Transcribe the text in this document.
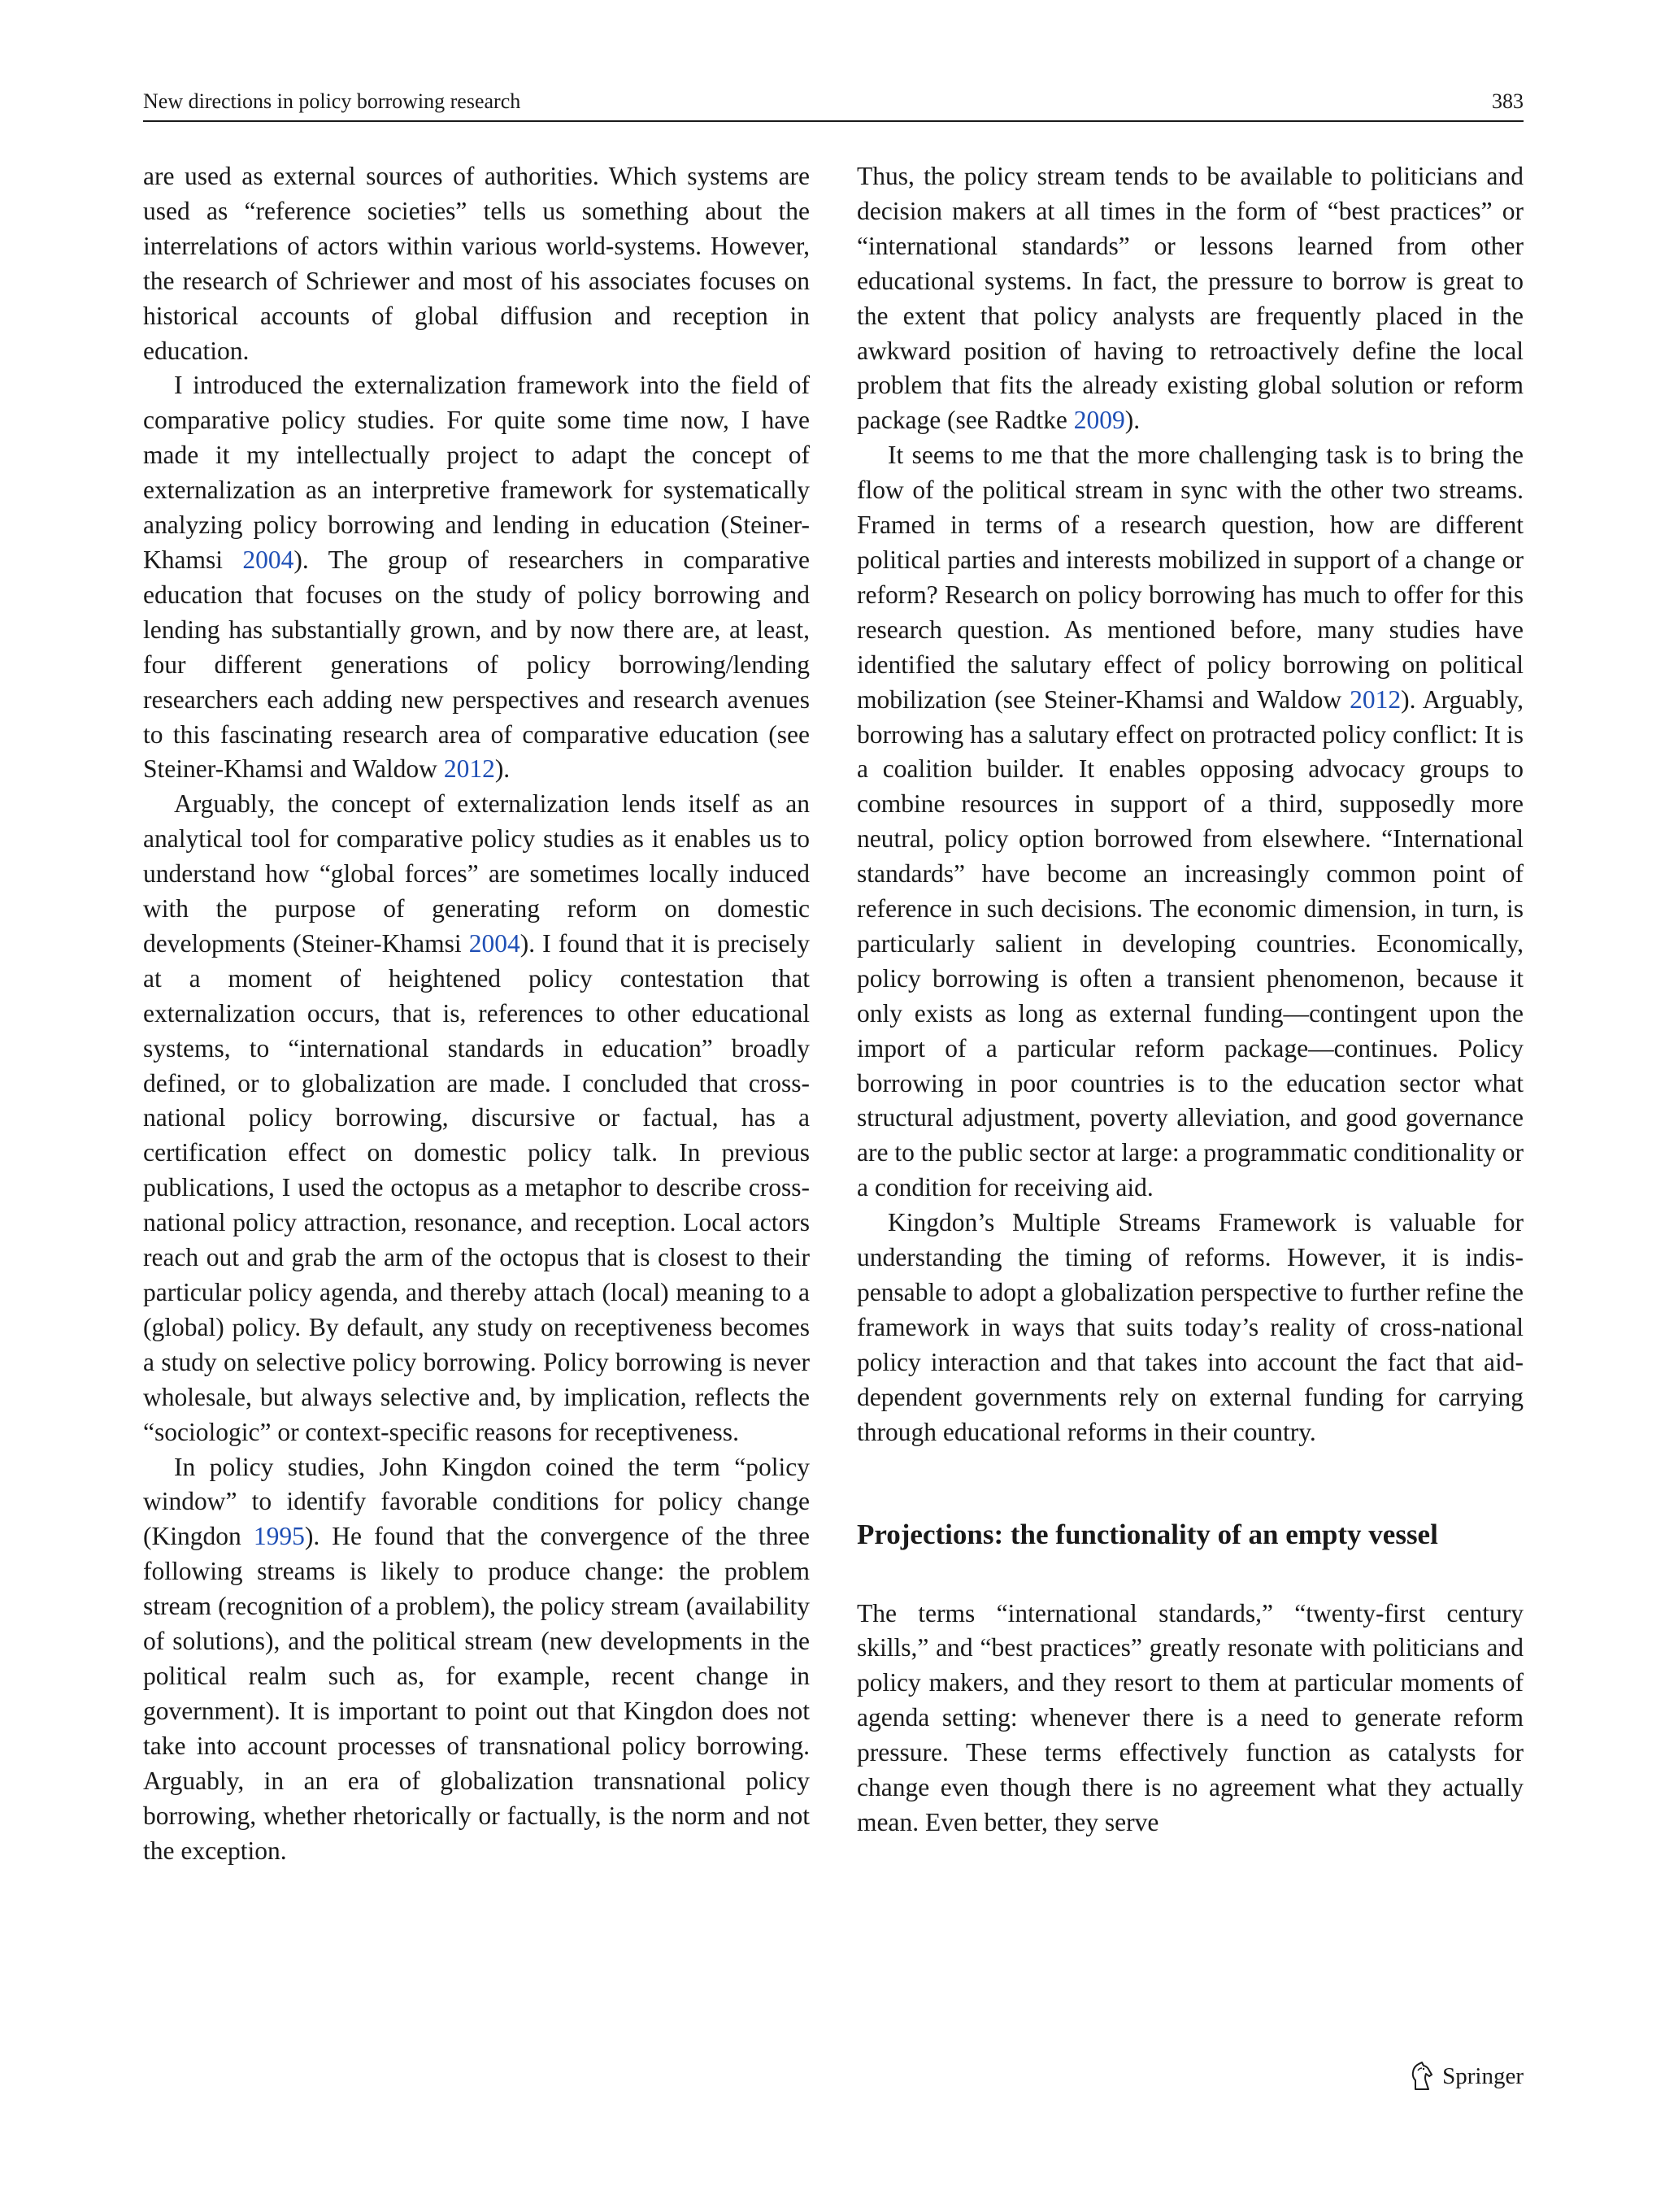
New directions in policy borrowing research	383

are used as external sources of authorities. Which systems are used as “reference societies” tells us something about the interrelations of actors within various world-systems. However, the research of Schriewer and most of his associates focuses on historical accounts of global diffusion and reception in education.

I introduced the externalization framework into the field of comparative policy studies. For quite some time now, I have made it my intellectually project to adapt the concept of externalization as an interpretive framework for systematically analyzing policy borrowing and lending in education (Steiner-Khamsi 2004). The group of researchers in comparative education that focuses on the study of policy borrowing and lending has substantially grown, and by now there are, at least, four different generations of policy borrowing/lending researchers each adding new perspectives and research avenues to this fascinating research area of comparative education (see Steiner-Khamsi and Waldow 2012).

Arguably, the concept of externalization lends itself as an analytical tool for comparative policy studies as it enables us to understand how “global forces” are sometimes locally induced with the purpose of generating reform on domestic developments (Steiner-Khamsi 2004). I found that it is precisely at a moment of heightened policy contestation that externalization occurs, that is, references to other educational systems, to “international standards in education” broadly defined, or to globalization are made. I concluded that cross-national policy borrowing, discursive or factual, has a certification effect on domestic policy talk. In previous publications, I used the octopus as a metaphor to describe cross-national policy attraction, resonance, and reception. Local actors reach out and grab the arm of the octopus that is closest to their particular policy agenda, and thereby attach (local) meaning to a (global) policy. By default, any study on receptiveness becomes a study on selective policy borrowing. Policy borrowing is never wholesale, but always selective and, by implication, reflects the “sociologic” or context-specific reasons for receptiveness.

In policy studies, John Kingdon coined the term “policy window” to identify favorable conditions for policy change (Kingdon 1995). He found that the convergence of the three following streams is likely to produce change: the problem stream (recognition of a problem), the policy stream (availability of solutions), and the political stream (new developments in the political realm such as, for example, recent change in government). It is important to point out that Kingdon does not take into account processes of transnational policy borrowing. Arguably, in an era of globalization transnational policy borrowing, whether rhetorically or factually, is the norm and not the exception.

Thus, the policy stream tends to be available to politicians and decision makers at all times in the form of “best practices” or “international standards” or lessons learned from other educational systems. In fact, the pressure to borrow is great to the extent that policy analysts are frequently placed in the awkward position of having to retroactively define the local problem that fits the already existing global solution or reform package (see Radtke 2009).

It seems to me that the more challenging task is to bring the flow of the political stream in sync with the other two streams. Framed in terms of a research question, how are different political parties and interests mobilized in support of a change or reform? Research on policy borrowing has much to offer for this research question. As mentioned before, many studies have identified the salutary effect of policy borrowing on political mobilization (see Steiner-Khamsi and Waldow 2012). Arguably, borrowing has a salutary effect on protracted policy conflict: It is a coalition builder. It enables opposing advocacy groups to combine resources in support of a third, supposedly more neutral, policy option borrowed from elsewhere. “International standards” have become an increasingly common point of reference in such decisions. The economic dimension, in turn, is particularly salient in developing countries. Economically, policy borrowing is often a transient phenomenon, because it only exists as long as external funding—contingent upon the import of a particular reform package—continues. Policy borrowing in poor countries is to the education sector what structural adjustment, poverty alleviation, and good governance are to the public sector at large: a programmatic conditionality or a condition for receiving aid.

Kingdon’s Multiple Streams Framework is valuable for understanding the timing of reforms. However, it is indispensable to adopt a globalization perspective to further refine the framework in ways that suits today’s reality of cross-national policy interaction and that takes into account the fact that aid-dependent governments rely on external funding for carrying through educational reforms in their country.

Projections: the functionality of an empty vessel

The terms “international standards,” “twenty-first century skills,” and “best practices” greatly resonate with politicians and policy makers, and they resort to them at particular moments of agenda setting: whenever there is a need to generate reform pressure. These terms effectively function as catalysts for change even though there is no agreement what they actually mean. Even better, they serve

Springer
